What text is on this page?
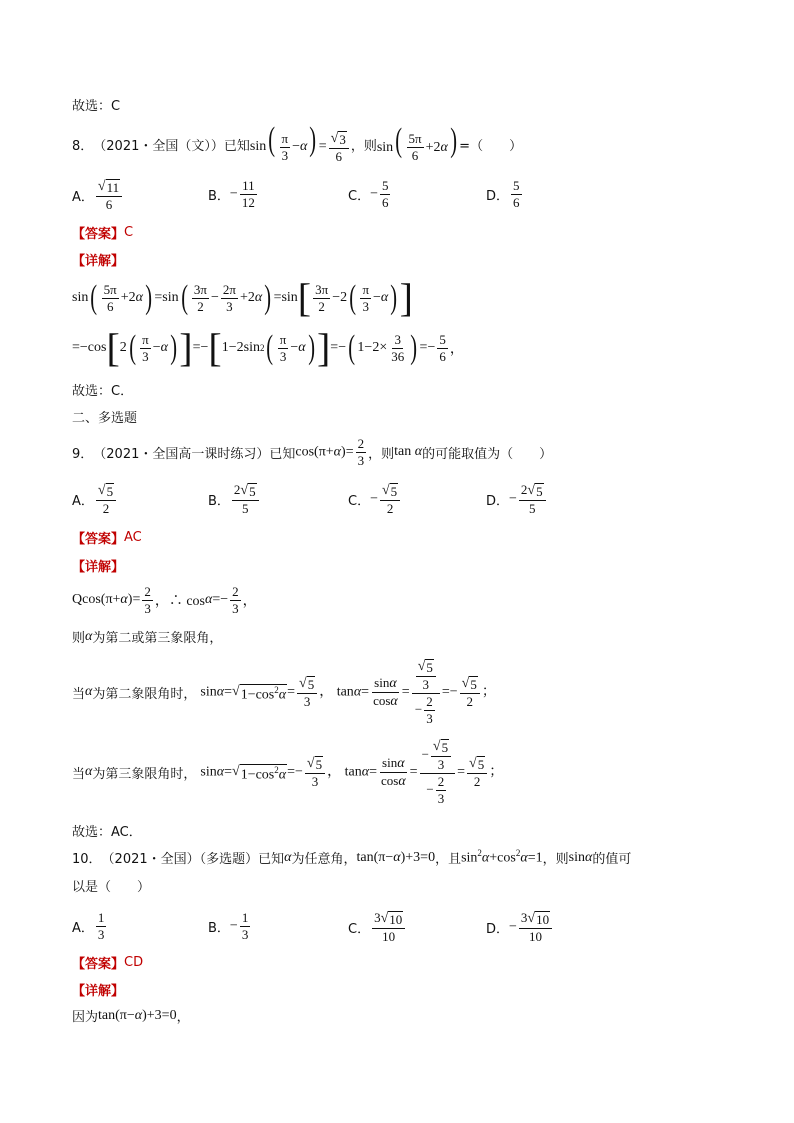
故选：C
8． （2021・全国（文））已知 $\sin( \frac{\pi}{3} -\alpha) = \frac{√ 3}{6}$ ，则 $\sin( \frac{5\pi}{6} +2\alpha)$ =（　　）
A．
√ 11
6
B． − $\frac{11}{12}$	C． − $\frac{5}{6}$	D．
5
6
【答案】 C
【详解】
sin ( 5π
6
+2 α ) =sin ( 3π
2
−
2π
3
+2 α ) =sin [ 3π
2
−2 ( π
3
− α ) ]
=−cos [ 2 ( π
3
− α ) ] =− [ 1−2sin 2 ( π
3
− α ) ] =− ( 1−2×
3
36 ) =−
5
6 ，
故选：C．
二、多选题
9． （2021・全国高一课时练习）已知 $\cos(\pi+\alpha)= \frac{2}{3}$ ，则 tan α 的可能取值为（　　）
A．
√ 5
2	B．
2 √ 5
5	C． − $\frac{√ 5}{2}$	D． − $\frac{2 √ 5}{5}$
【答案】 AC
【详解】
Q cos(π+ α )=
2
3 ，∴ cos α =−
2
3 ，
则 α 为第二或第三象限角，
当 α 为第二象限角时， sinα= √ $1-\cos^2\alpha = \frac{√ 5}{3}$ ， $\tan\alpha= \frac{\sin\alpha}{\cos\alpha} = \frac{\frac{√ 5}{3}}{- \frac{2}{3}} =- \frac{√ 5}{2}$ ；
当 α 为第三象限角时， sinα= √ $1-\cos^2\alpha =- \frac{√ 5}{3}$ ， $\tan\alpha= \frac{\sin\alpha}{\cos\alpha} = \frac{- \frac{√ 5}{3}}{- \frac{2}{3}} = \frac{√ 5}{2}$ ；
故选：AC．
10． （2021・全国）（多选题）已知 α 为任意角， tan(π−α)+3=0 ，且 $\sin^2\alpha+\cos^2\alpha=1$ ，则 sinα 的值可
以是（　　）
A．
1
3	B． − $\frac{1}{3}$	C．
3 √ 10
10	D． − $\frac{3 √ 10}{10}$
【答案】 CD
【详解】
因为 tan(π−α)+3=0 ，
